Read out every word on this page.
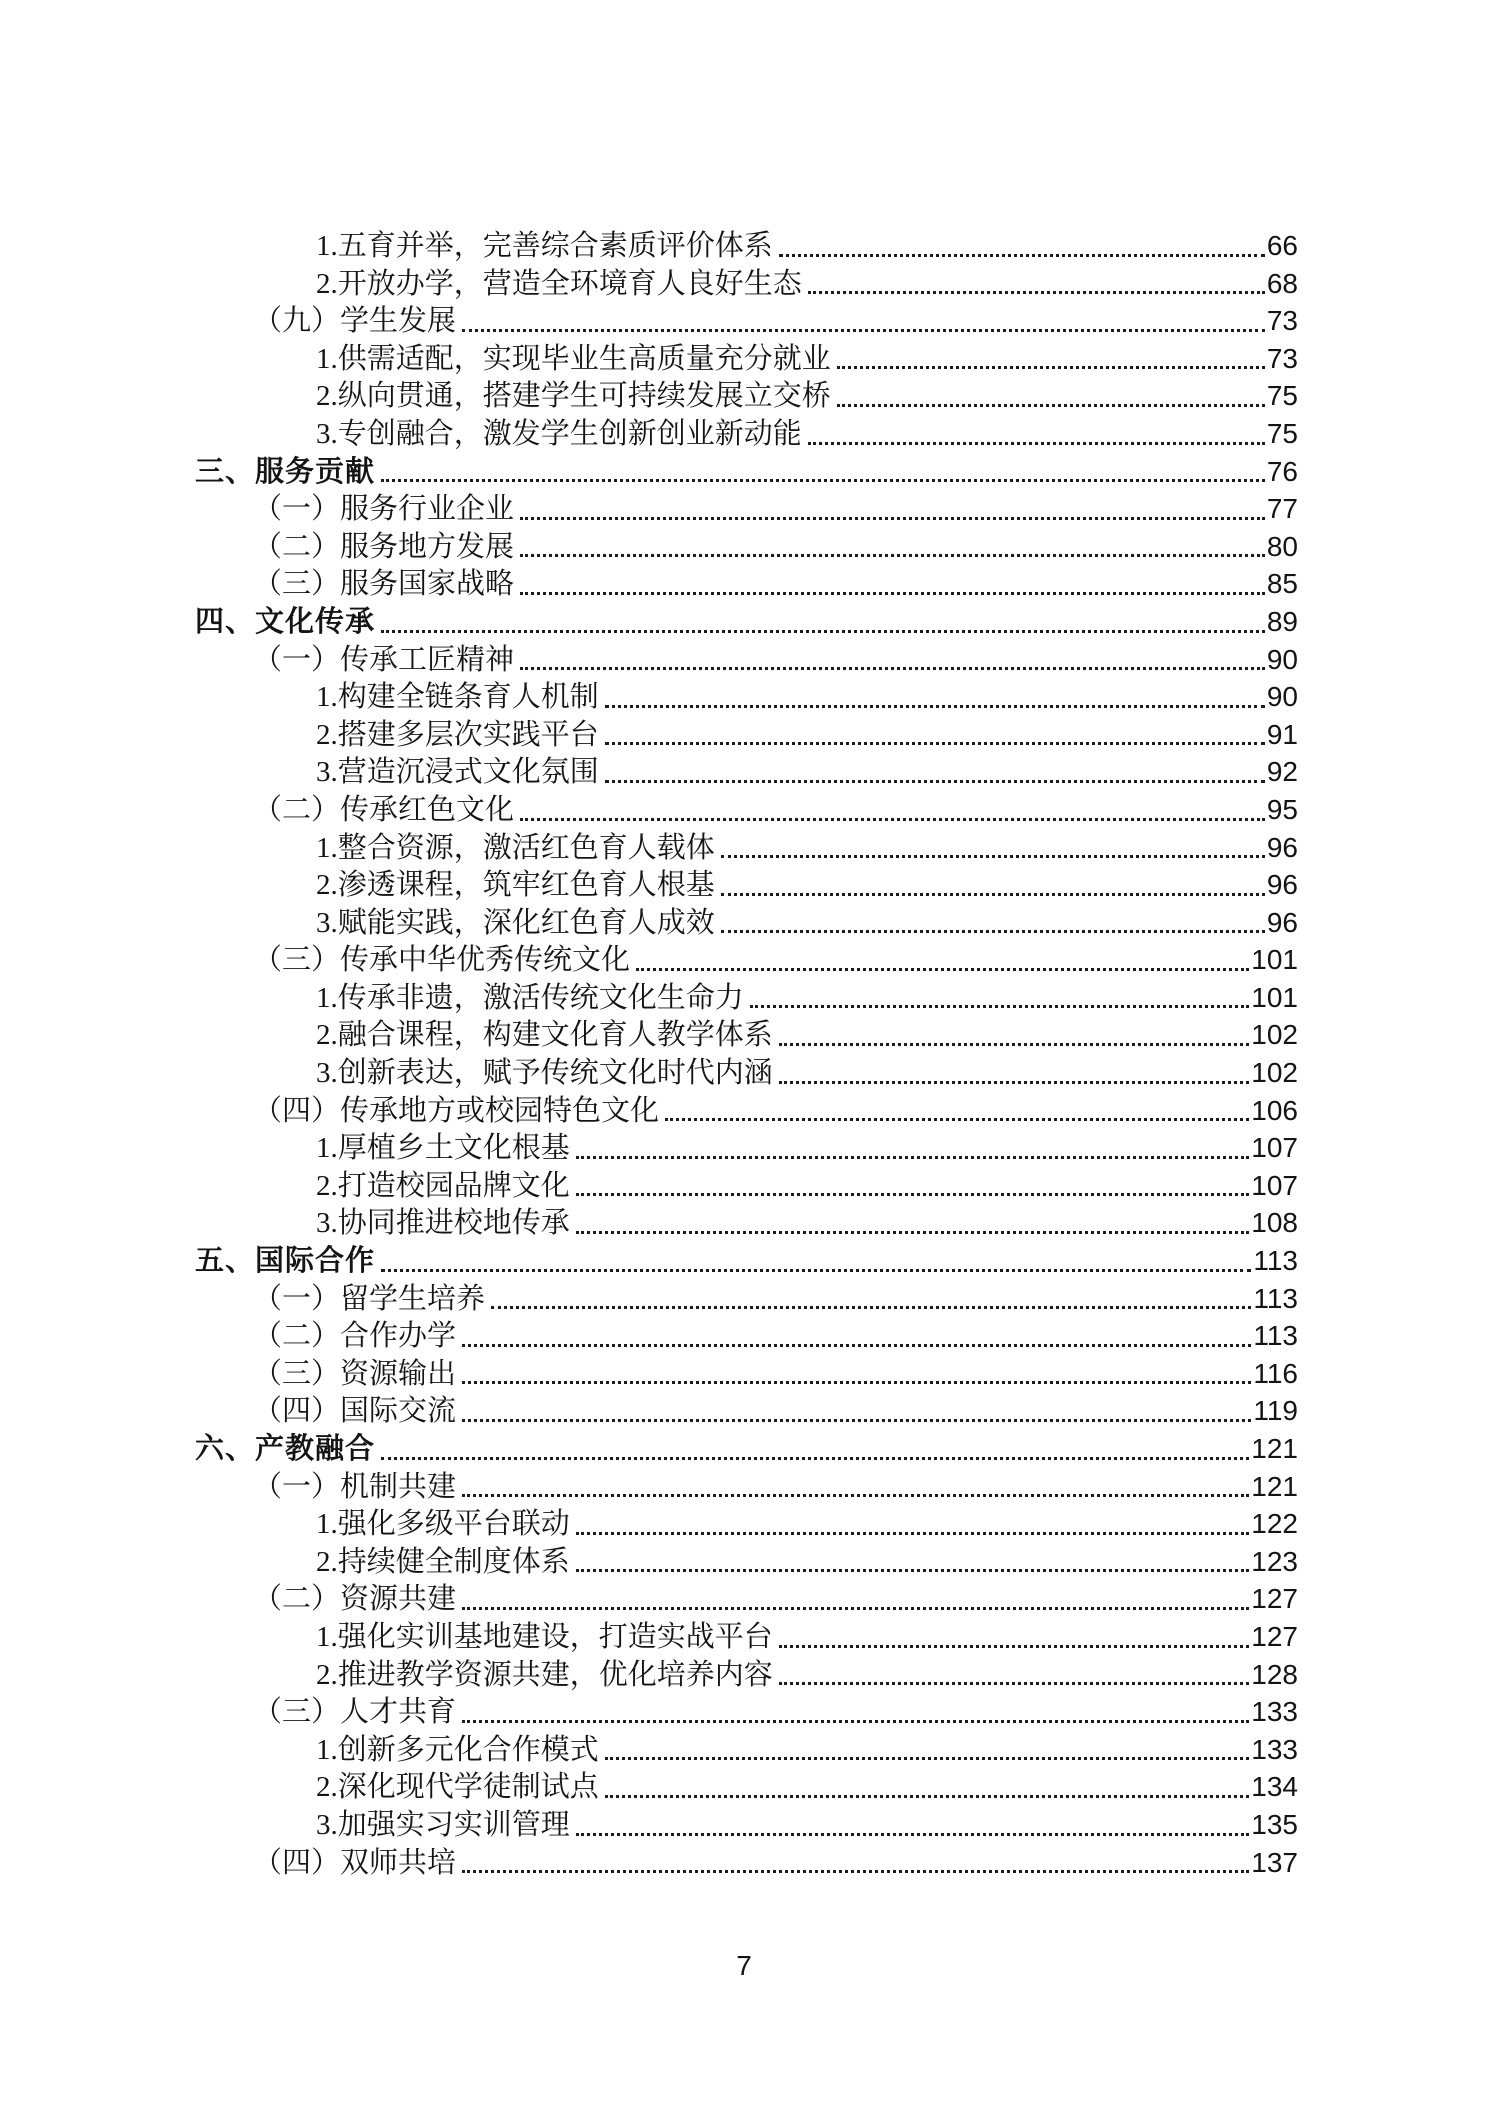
1.五育并举，完善综合素质评价体系	66
2.开放办学，营造全环境育人良好生态	68
（九）学生发展	73
1.供需适配，实现毕业生高质量充分就业	73
2.纵向贯通，搭建学生可持续发展立交桥	75
3.专创融合，激发学生创新创业新动能	75
三、服务贡献	76
（一）服务行业企业	77
（二）服务地方发展	80
（三）服务国家战略	85
四、文化传承	89
（一）传承工匠精神	90
1.构建全链条育人机制	90
2.搭建多层次实践平台	91
3.营造沉浸式文化氛围	92
（二）传承红色文化	95
1.整合资源，激活红色育人载体	96
2.渗透课程，筑牢红色育人根基	96
3.赋能实践，深化红色育人成效	96
（三）传承中华优秀传统文化	101
1.传承非遗，激活传统文化生命力	101
2.融合课程，构建文化育人教学体系	102
3.创新表达，赋予传统文化时代内涵	102
（四）传承地方或校园特色文化	106
1.厚植乡土文化根基	107
2.打造校园品牌文化	107
3.协同推进校地传承	108
五、国际合作	113
（一）留学生培养	113
（二）合作办学	113
（三）资源输出	116
（四）国际交流	119
六、产教融合	121
（一）机制共建	121
1.强化多级平台联动	122
2.持续健全制度体系	123
（二）资源共建	127
1.强化实训基地建设，打造实战平台	127
2.推进教学资源共建，优化培养内容	128
（三）人才共育	133
1.创新多元化合作模式	133
2.深化现代学徒制试点	134
3.加强实习实训管理	135
（四）双师共培	137
7
